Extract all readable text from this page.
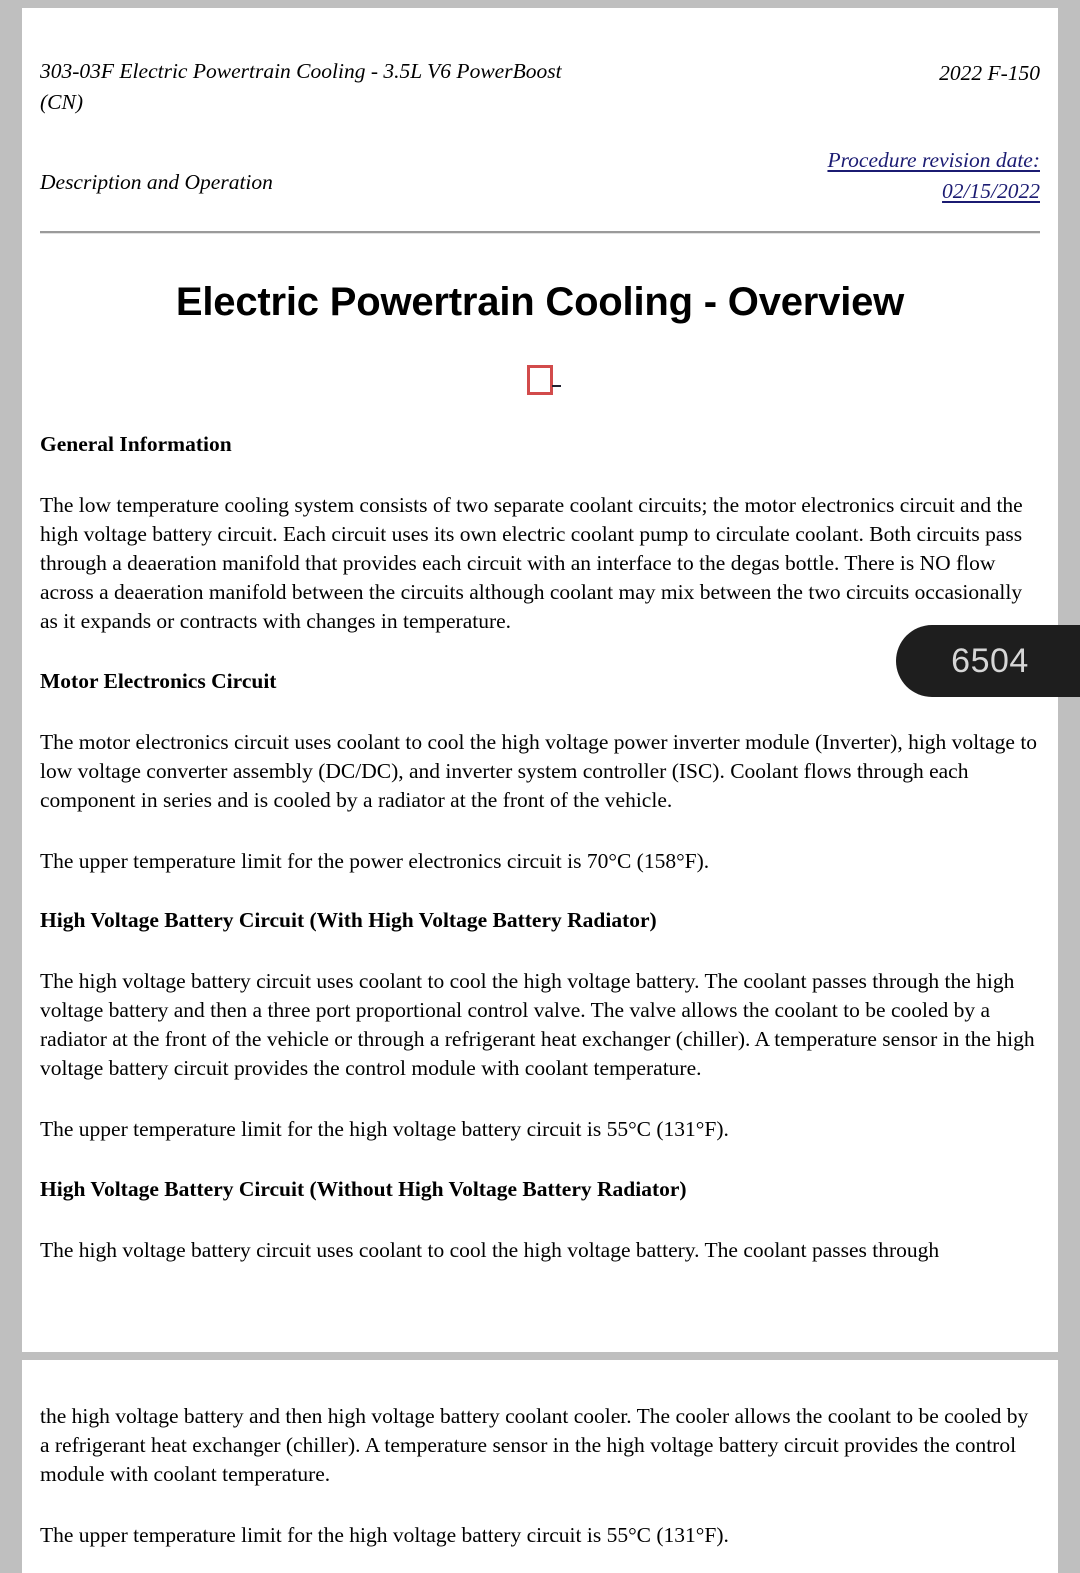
303-03F Electric Powertrain Cooling - 3.5L V6 PowerBoost
(CN)
2022 F-150
Description and Operation
Procedure revision date:
02/15/2022
Electric Powertrain Cooling - Overview
General Information

The low temperature cooling system consists of two separate coolant circuits; the motor electronics circuit and the high voltage battery circuit. Each circuit uses its own electric coolant pump to circulate coolant. Both circuits pass through a deaeration manifold that provides each circuit with an interface to the degas bottle. There is NO flow across a deaeration manifold between the circuits although coolant may mix between the two circuits occasionally as it expands or contracts with changes in temperature.

Motor Electronics Circuit

The motor electronics circuit uses coolant to cool the high voltage power inverter module (Inverter), high voltage to low voltage converter assembly (DC/DC), and inverter system controller (ISC). Coolant flows through each component in series and is cooled by a radiator at the front of the vehicle.

The upper temperature limit for the power electronics circuit is 70°C (158°F).

High Voltage Battery Circuit (With High Voltage Battery Radiator)

The high voltage battery circuit uses coolant to cool the high voltage battery. The coolant passes through the high voltage battery and then a three port proportional control valve. The valve allows the coolant to be cooled by a radiator at the front of the vehicle or through a refrigerant heat exchanger (chiller). A temperature sensor in the high voltage battery circuit provides the control module with coolant temperature.

The upper temperature limit for the high voltage battery circuit is 55°C (131°F).

High Voltage Battery Circuit (Without High Voltage Battery Radiator)

The high voltage battery circuit uses coolant to cool the high voltage battery. The coolant passes through

the high voltage battery and then high voltage battery coolant cooler. The cooler allows the coolant to be cooled by a refrigerant heat exchanger (chiller). A temperature sensor in the high voltage battery circuit provides the control module with coolant temperature.

The upper temperature limit for the high voltage battery circuit is 55°C (131°F).

6504
